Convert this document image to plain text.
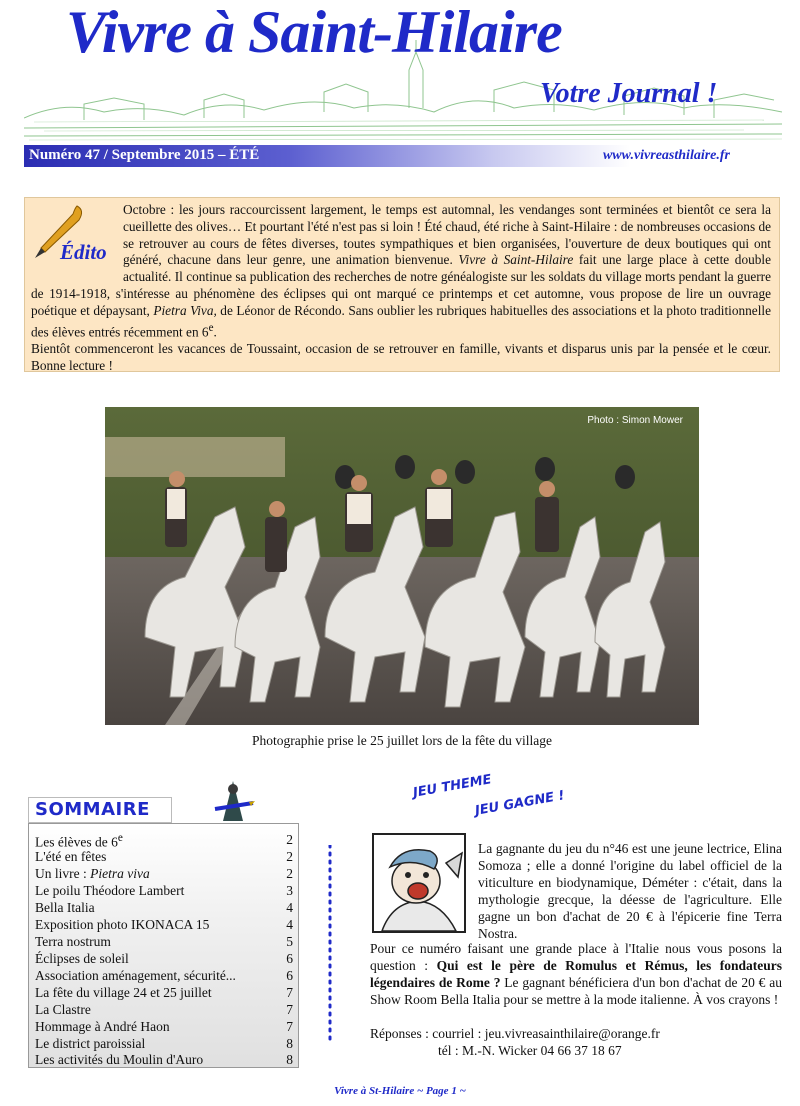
Vivre à Saint-Hilaire
Votre Journal !
Numéro 47 / Septembre 2015 – ÉTÉ	www.vivreasthilaire.fr
Octobre : les jours raccourcissent largement, le temps est automnal, les vendanges sont terminées et bientôt ce sera la cueillette des olives… Et pourtant l'été n'est pas si loin ! Été chaud, été riche à Saint-Hilaire : de nombreuses occasions de se retrouver au cours de fêtes diverses, toutes sympathiques et bien organisées, l'ouverture de deux boutiques qui ont généré, chacune dans leur genre, une animation bienvenue. Vivre à Saint-Hilaire fait une large place à cette double actualité. Il continue sa publication des recherches de notre généalogiste sur les soldats du village morts pendant la guerre de 1914-1918, s'intéresse au phénomène des éclipses qui ont marqué ce printemps et cet automne, vous propose de lire un ouvrage poétique et dépaysant, Pietra Viva, de Léonor de Récondo. Sans oublier les rubriques habituelles des associations et la photo traditionnelle des élèves entrés récemment en 6e.
Bientôt commenceront les vacances de Toussaint, occasion de se retrouver en famille, vivants et disparus unis par la pensée et le cœur. Bonne lecture !
Édito
Photo : Simon Mower
Photographie prise le 25 juillet lors de la fête du village
SOMMAIRE
Les élèves de 6e	2
L'été en fêtes	2
Un livre : Pietra viva	2
Le poilu Théodore Lambert	3
Bella Italia	4
Exposition photo IKONACA 15	4
Terra nostrum	5
Éclipses de soleil	6
Association aménagement, sécurité...	6
La fête du village 24 et 25 juillet	7
La Clastre	7
Hommage à André Haon	7
Le district paroissial	8
Les activités du Moulin d'Auro	8
JEU THEME
JEU GAGNE !
La gagnante du jeu du n°46 est une jeune lectrice, Elina Somoza ; elle a donné l'origine du label officiel de la viticulture en biodynamique, Déméter : c'était, dans la mythologie grecque, la déesse de l'agriculture. Elle gagne un bon d'achat de 20 € à l'épicerie fine Terra Nostra.
Pour ce numéro faisant une grande place à l'Italie nous vous posons la question : Qui est le père de Romulus et Rémus, les fondateurs légendaires de Rome ? Le gagnant bénéficiera d'un bon d'achat de 20 € au Show Room Bella Italia pour se mettre à la mode italienne. À vos crayons !
Réponses : courriel : jeu.vivreasainthilaire@orange.fr
tél : M.-N. Wicker 04 66 37 18 67
Vivre à St-Hilaire ~ Page 1 ~
